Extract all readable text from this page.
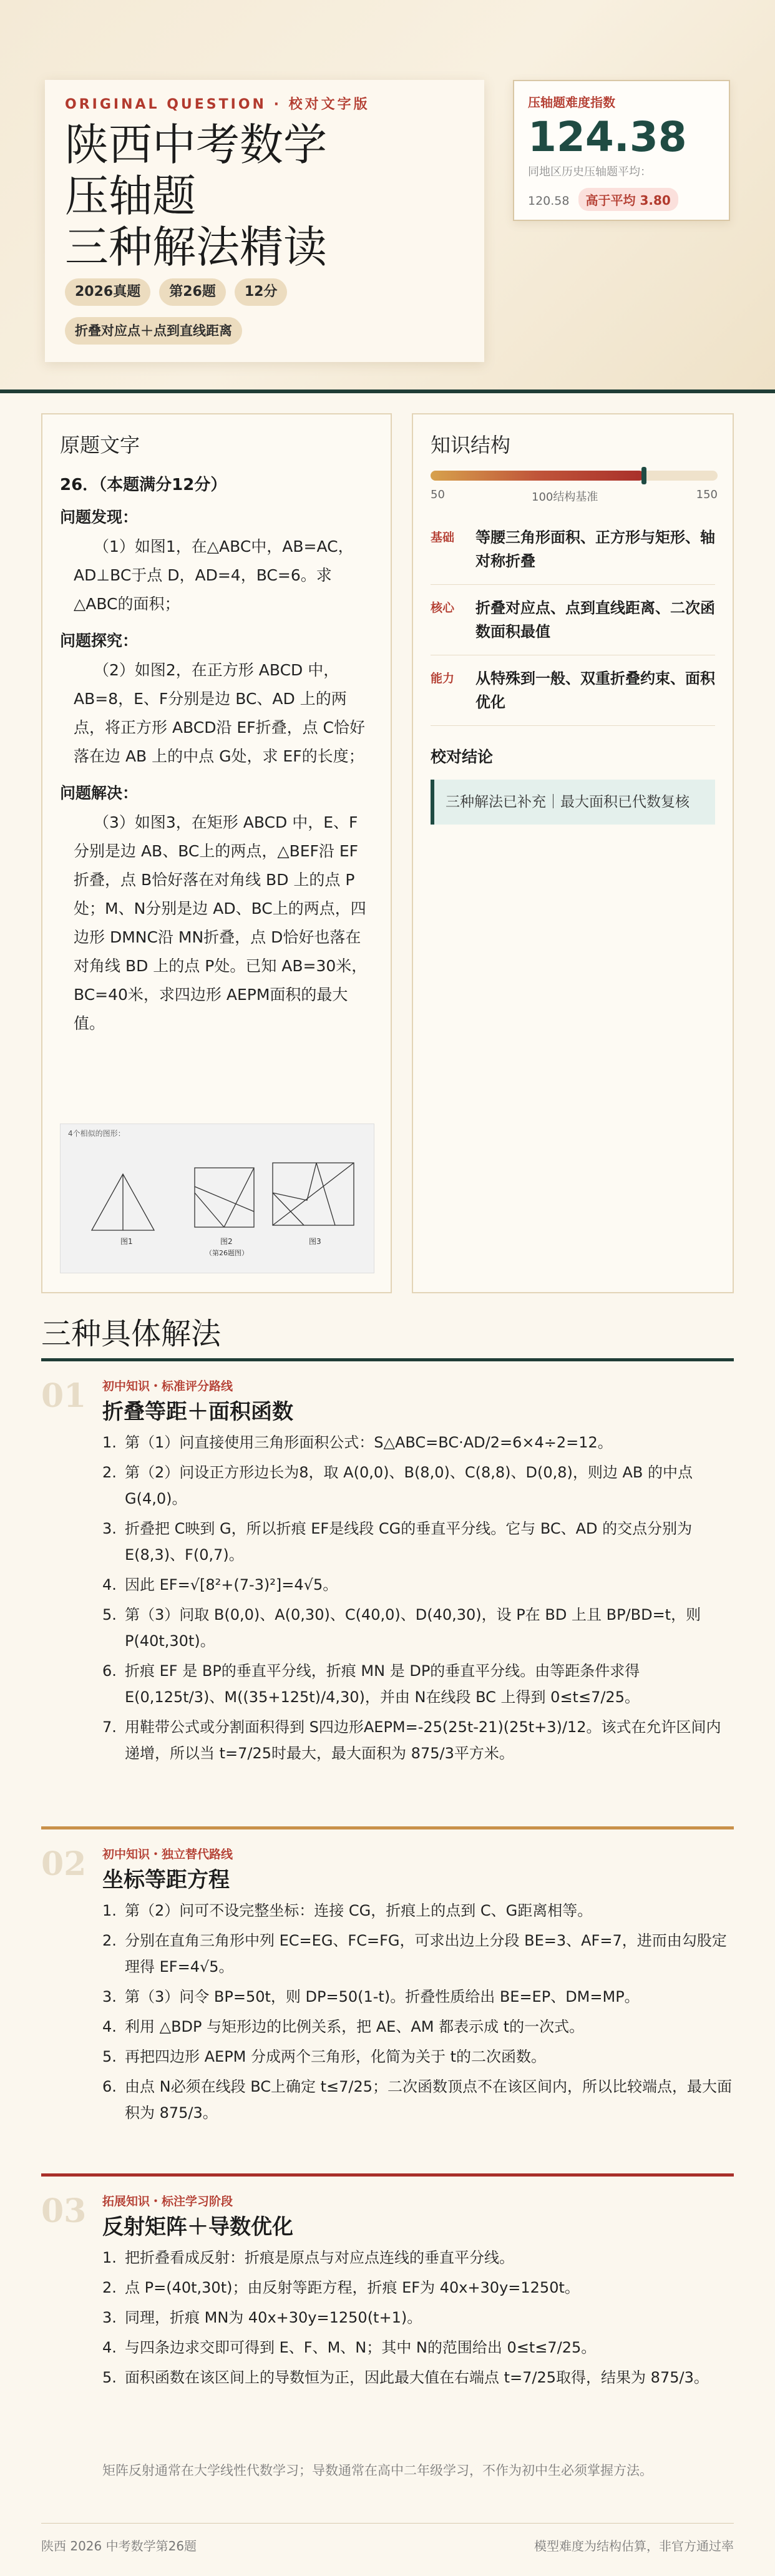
ORIGINAL QUESTION · 校对文字版
陕西中考数学
压轴题
三种解法精读
2026真题 第26题 12分
折叠对应点＋点到直线距离
压轴题难度指数
124.38
同地区历史压轴题平均：
120.58 高于平均 3.80
原题文字
26．（本题满分12分）
问题发现：
（1）如图1，在△ABC中，AB=AC，AD⊥BC于点 D，AD=4，BC=6。求△ABC的面积；
问题探究：
（2）如图2，在正方形 ABCD 中，AB=8，E、F分别是边 BC、AD 上的两点，将正方形 ABCD沿 EF折叠，点 C恰好落在边 AB 上的中点 G处，求 EF的长度；
问题解决：
（3）如图3，在矩形 ABCD 中，E、F分别是边 AB、BC上的两点，△BEF沿 EF折叠，点 B恰好落在对角线 BD 上的点 P处；M、N分别是边 AD、BC上的两点，四边形 DMNC沿 MN折叠，点 D恰好也落在对角线 BD 上的点 P处。已知 AB=30米，BC=40米，求四边形 AEPM面积的最大值。
4个相似的图形：
图1	图2	图3
（第26题图）
知识结构
50	100结构基准	150
基础	等腰三角形面积、正方形与矩形、轴对称折叠
核心	折叠对应点、点到直线距离、二次函数面积最值
能力	从特殊到一般、双重折叠约束、面积优化
校对结论
三种解法已补充｜最大面积已代数复核
三种具体解法
01 初中知识・标准评分路线
折叠等距＋面积函数
1. 第（1）问直接使用三角形面积公式：S△ABC=BC·AD/2=6×4÷2=12。
2. 第（2）问设正方形边长为8，取 A(0,0)、B(8,0)、C(8,8)、D(0,8)，则边 AB 的中点 G(4,0)。
3. 折叠把 C映到 G，所以折痕 EF是线段 CG的垂直平分线。它与 BC、AD 的交点分别为 E(8,3)、F(0,7)。
4. 因此 EF=√[8²+(7-3)²]=4√5。
5. 第（3）问取 B(0,0)、A(0,30)、C(40,0)、D(40,30)，设 P在 BD 上且 BP/BD=t，则 P(40t,30t)。
6. 折痕 EF 是 BP的垂直平分线，折痕 MN 是 DP的垂直平分线。由等距条件求得 E(0,125t/3)、M((35+125t)/4,30)，并由 N在线段 BC 上得到 0≤t≤7/25。
7. 用鞋带公式或分割面积得到 S四边形AEPM=-25(25t-21)(25t+3)/12。该式在允许区间内递增，所以当 t=7/25时最大，最大面积为 875/3平方米。
02 初中知识・独立替代路线
坐标等距方程
1. 第（2）问可不设完整坐标：连接 CG，折痕上的点到 C、G距离相等。
2. 分别在直角三角形中列 EC=EG、FC=FG，可求出边上分段 BE=3、AF=7，进而由勾股定理得 EF=4√5。
3. 第（3）问令 BP=50t，则 DP=50(1-t)。折叠性质给出 BE=EP、DM=MP。
4. 利用 △BDP 与矩形边的比例关系，把 AE、AM 都表示成 t的一次式。
5. 再把四边形 AEPM 分成两个三角形，化简为关于 t的二次函数。
6. 由点 N必须在线段 BC上确定 t≤7/25；二次函数顶点不在该区间内，所以比较端点，最大面积为 875/3。
03 拓展知识・标注学习阶段
反射矩阵＋导数优化
1. 把折叠看成反射：折痕是原点与对应点连线的垂直平分线。
2. 点 P=(40t,30t)；由反射等距方程，折痕 EF为 40x+30y=1250t。
3. 同理，折痕 MN为 40x+30y=1250(t+1)。
4. 与四条边求交即可得到 E、F、M、N；其中 N的范围给出 0≤t≤7/25。
5. 面积函数在该区间上的导数恒为正，因此最大值在右端点 t=7/25取得，结果为 875/3。
矩阵反射通常在大学线性代数学习；导数通常在高中二年级学习，不作为初中生必须掌握方法。
陕西 2026 中考数学第26题	模型难度为结构估算，非官方通过率
